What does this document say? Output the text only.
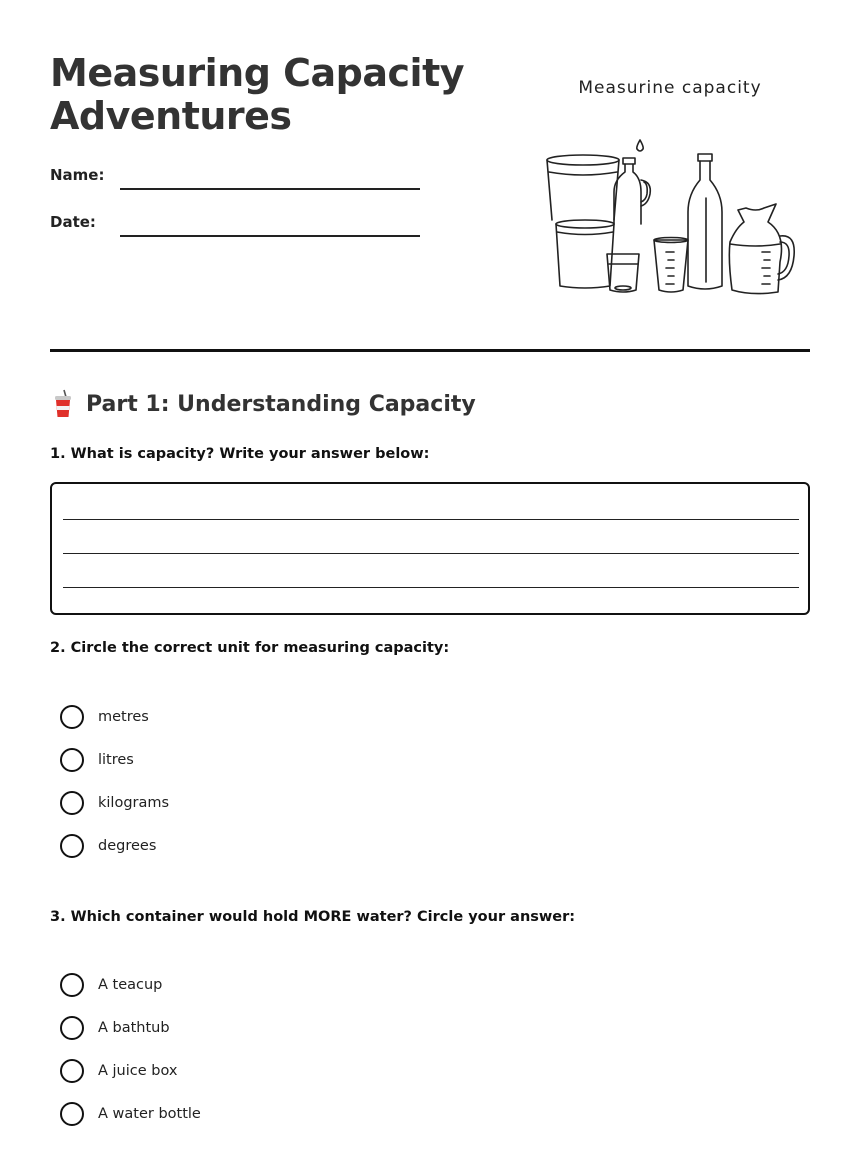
Measuring Capacity Adventures
Name:
Date:
Measurine capacity
Part 1: Understanding Capacity
1. What is capacity? Write your answer below:
2. Circle the correct unit for measuring capacity:
metres
litres
kilograms
degrees
3. Which container would hold MORE water? Circle your answer:
A teacup
A bathtub
A juice box
A water bottle
